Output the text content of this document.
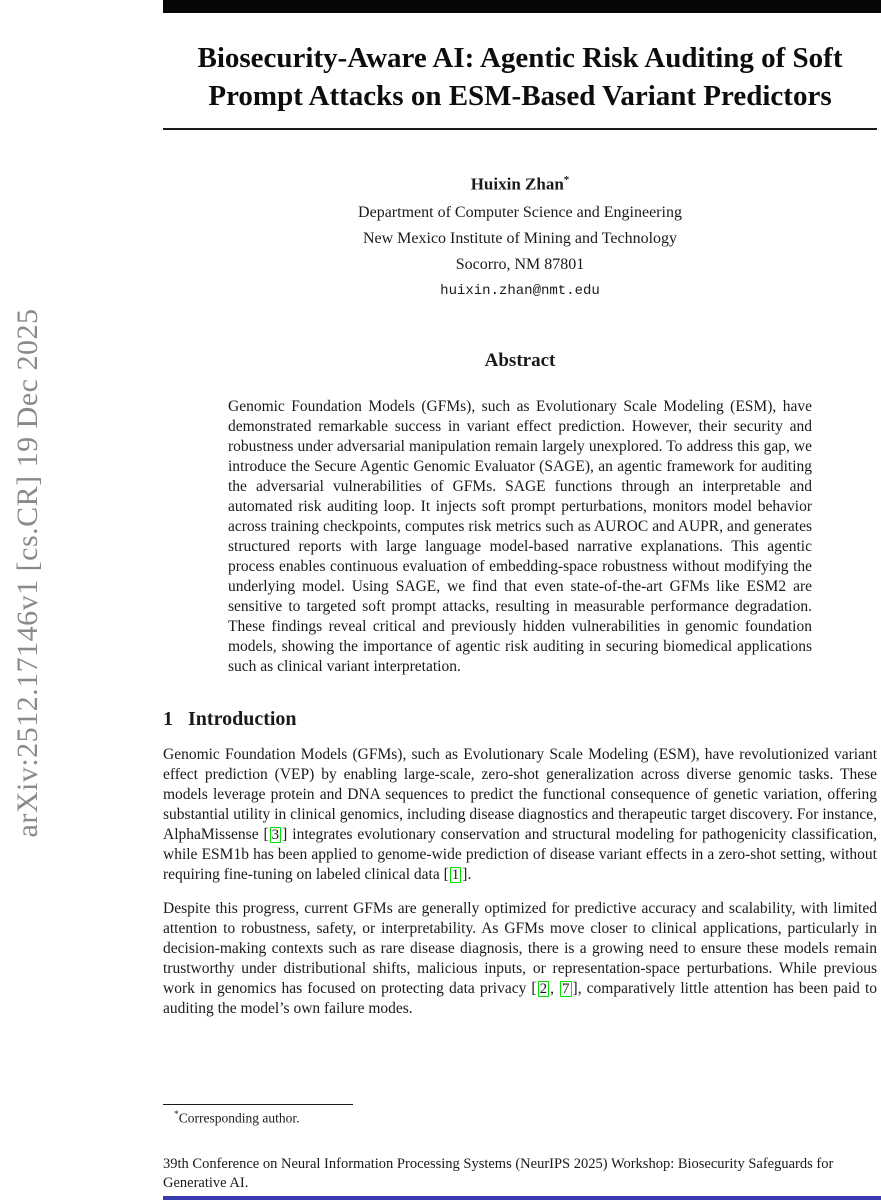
arXiv:2512.17146v1 [cs.CR] 19 Dec 2025
Biosecurity-Aware AI: Agentic Risk Auditing of Soft Prompt Attacks on ESM-Based Variant Predictors
Huixin Zhan*
Department of Computer Science and Engineering
New Mexico Institute of Mining and Technology
Socorro, NM 87801
huixin.zhan@nmt.edu
Abstract
Genomic Foundation Models (GFMs), such as Evolutionary Scale Modeling (ESM), have demonstrated remarkable success in variant effect prediction. However, their security and robustness under adversarial manipulation remain largely unexplored. To address this gap, we introduce the Secure Agentic Genomic Evaluator (SAGE), an agentic framework for auditing the adversarial vulnerabilities of GFMs. SAGE functions through an interpretable and automated risk auditing loop. It injects soft prompt perturbations, monitors model behavior across training checkpoints, computes risk metrics such as AUROC and AUPR, and generates structured reports with large language model-based narrative explanations. This agentic process enables continuous evaluation of embedding-space robustness without modifying the underlying model. Using SAGE, we find that even state-of-the-art GFMs like ESM2 are sensitive to targeted soft prompt attacks, resulting in measurable performance degradation. These findings reveal critical and previously hidden vulnerabilities in genomic foundation models, showing the importance of agentic risk auditing in securing biomedical applications such as clinical variant interpretation.
1 Introduction
Genomic Foundation Models (GFMs), such as Evolutionary Scale Modeling (ESM), have revolutionized variant effect prediction (VEP) by enabling large-scale, zero-shot generalization across diverse genomic tasks. These models leverage protein and DNA sequences to predict the functional consequence of genetic variation, offering substantial utility in clinical genomics, including disease diagnostics and therapeutic target discovery. For instance, AlphaMissense [ 3 ] integrates evolutionary conservation and structural modeling for pathogenicity classification, while ESM1b has been applied to genome-wide prediction of disease variant effects in a zero-shot setting, without requiring fine-tuning on labeled clinical data [ 1 ].
Despite this progress, current GFMs are generally optimized for predictive accuracy and scalability, with limited attention to robustness, safety, or interpretability. As GFMs move closer to clinical applications, particularly in decision-making contexts such as rare disease diagnosis, there is a growing need to ensure these models remain trustworthy under distributional shifts, malicious inputs, or representation-space perturbations. While previous work in genomics has focused on protecting data privacy [ 2 , 7 ], comparatively little attention has been paid to auditing the model’s own failure modes.
*Corresponding author.
39th Conference on Neural Information Processing Systems (NeurIPS 2025) Workshop: Biosecurity Safeguards for Generative AI.
